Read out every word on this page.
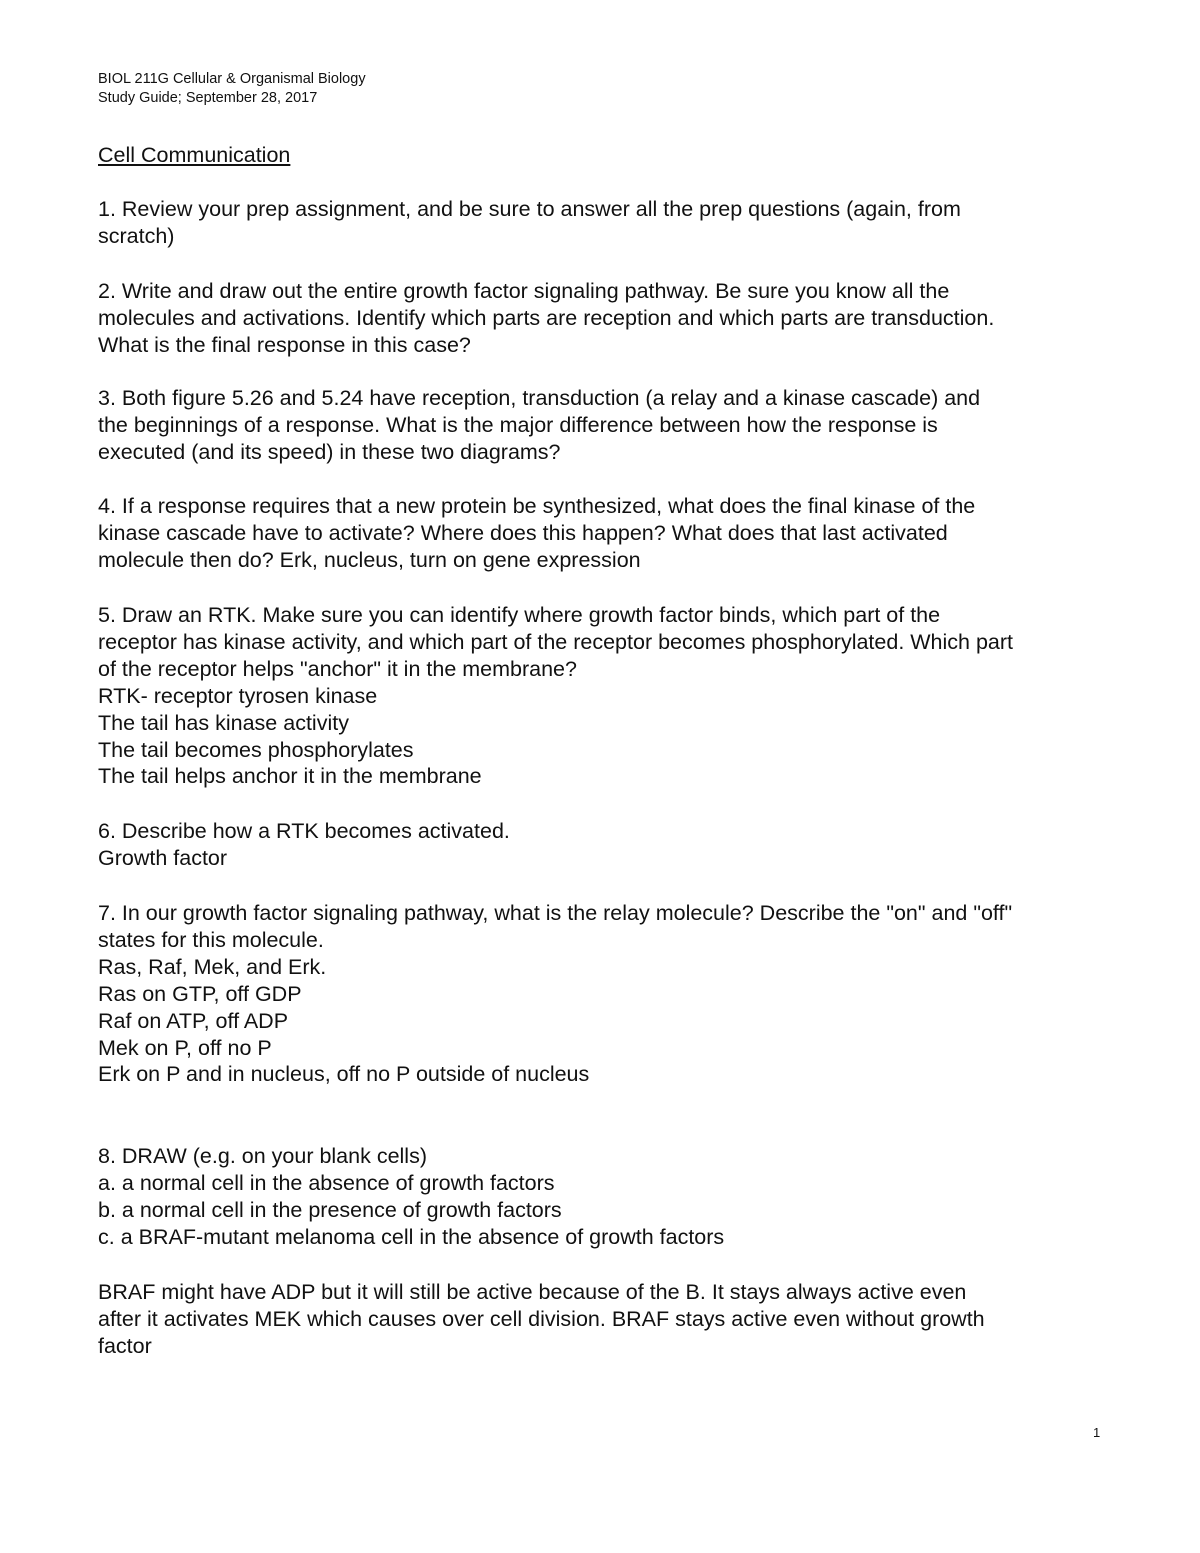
BIOL 211G Cellular & Organismal Biology
Study Guide; September 28, 2017
Cell Communication
1. Review your prep assignment, and be sure to answer all the prep questions (again, from
scratch)
2. Write and draw out the entire growth factor signaling pathway. Be sure you know all the
molecules and activations. Identify which parts are reception and which parts are transduction.
What is the final response in this case?
3. Both figure 5.26 and 5.24 have reception, transduction (a relay and a kinase cascade) and
the beginnings of a response. What is the major difference between how the response is
executed (and its speed) in these two diagrams?
4. If a response requires that a new protein be synthesized, what does the final kinase of the
kinase cascade have to activate? Where does this happen? What does that last activated
molecule then do? Erk, nucleus, turn on gene expression
5. Draw an RTK. Make sure you can identify where growth factor binds, which part of the
receptor has kinase activity, and which part of the receptor becomes phosphorylated. Which part
of the receptor helps "anchor" it in the membrane?
RTK- receptor tyrosen kinase
The tail has kinase activity
The tail becomes phosphorylates
The tail helps anchor it in the membrane
6. Describe how a RTK becomes activated.
Growth factor
7. In our growth factor signaling pathway, what is the relay molecule? Describe the "on" and "off"
states for this molecule.
Ras, Raf, Mek, and Erk.
Ras on GTP, off GDP
Raf on ATP, off ADP
Mek on P, off no P
Erk on P and in nucleus, off no P outside of nucleus
8. DRAW (e.g. on your blank cells)
a. a normal cell in the absence of growth factors
b. a normal cell in the presence of growth factors
c. a BRAF-mutant melanoma cell in the absence of growth factors
BRAF might have ADP but it will still be active because of the B. It stays always active even
after it activates MEK which causes over cell division. BRAF stays active even without growth
factor
1
